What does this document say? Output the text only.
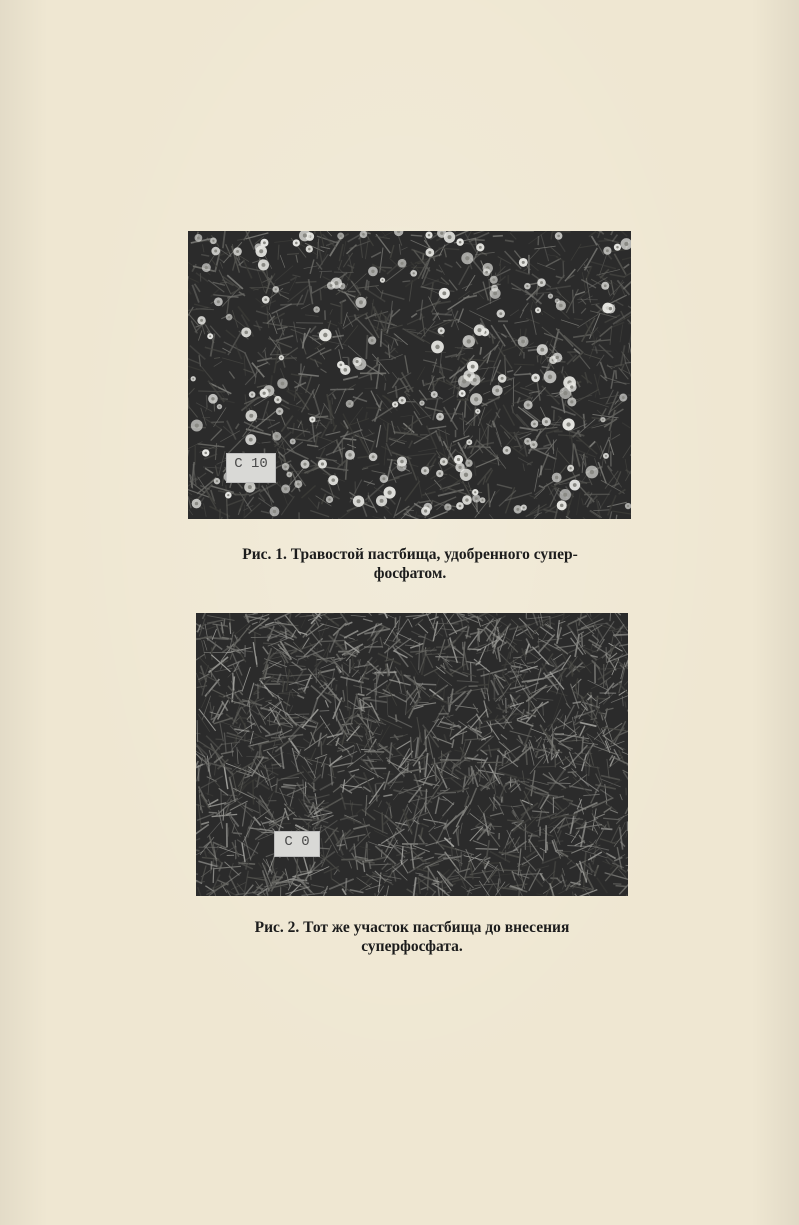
C 10
Рис. 1. Травостой пастбища, удобренного супер-
фосфатом.
C 0
Рис. 2. Тот же участок пастбища до внесения
суперфосфата.
